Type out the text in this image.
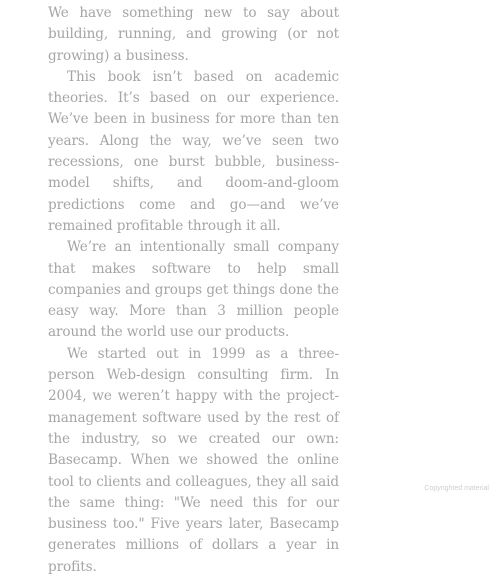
We have something new to say about building, running, and growing (or not growing) a business.

This book isn’t based on academic theories. It’s based on our experience. We’ve been in business for more than ten years. Along the way, we’ve seen two recessions, one burst bubble, business-model shifts, and doom-and-gloom predictions come and go—and we’ve remained profitable through it all.

We’re an intentionally small company that makes software to help small companies and groups get things done the easy way. More than 3 million people around the world use our products.

We started out in 1999 as a three-person Web-design consulting firm. In 2004, we weren’t happy with the project-management software used by the rest of the industry, so we created our own: Basecamp. When we showed the online tool to clients and colleagues, they all said the same thing: "We need this for our business too." Five years later, Basecamp generates millions of dollars a year in profits.

Copyrighted material
